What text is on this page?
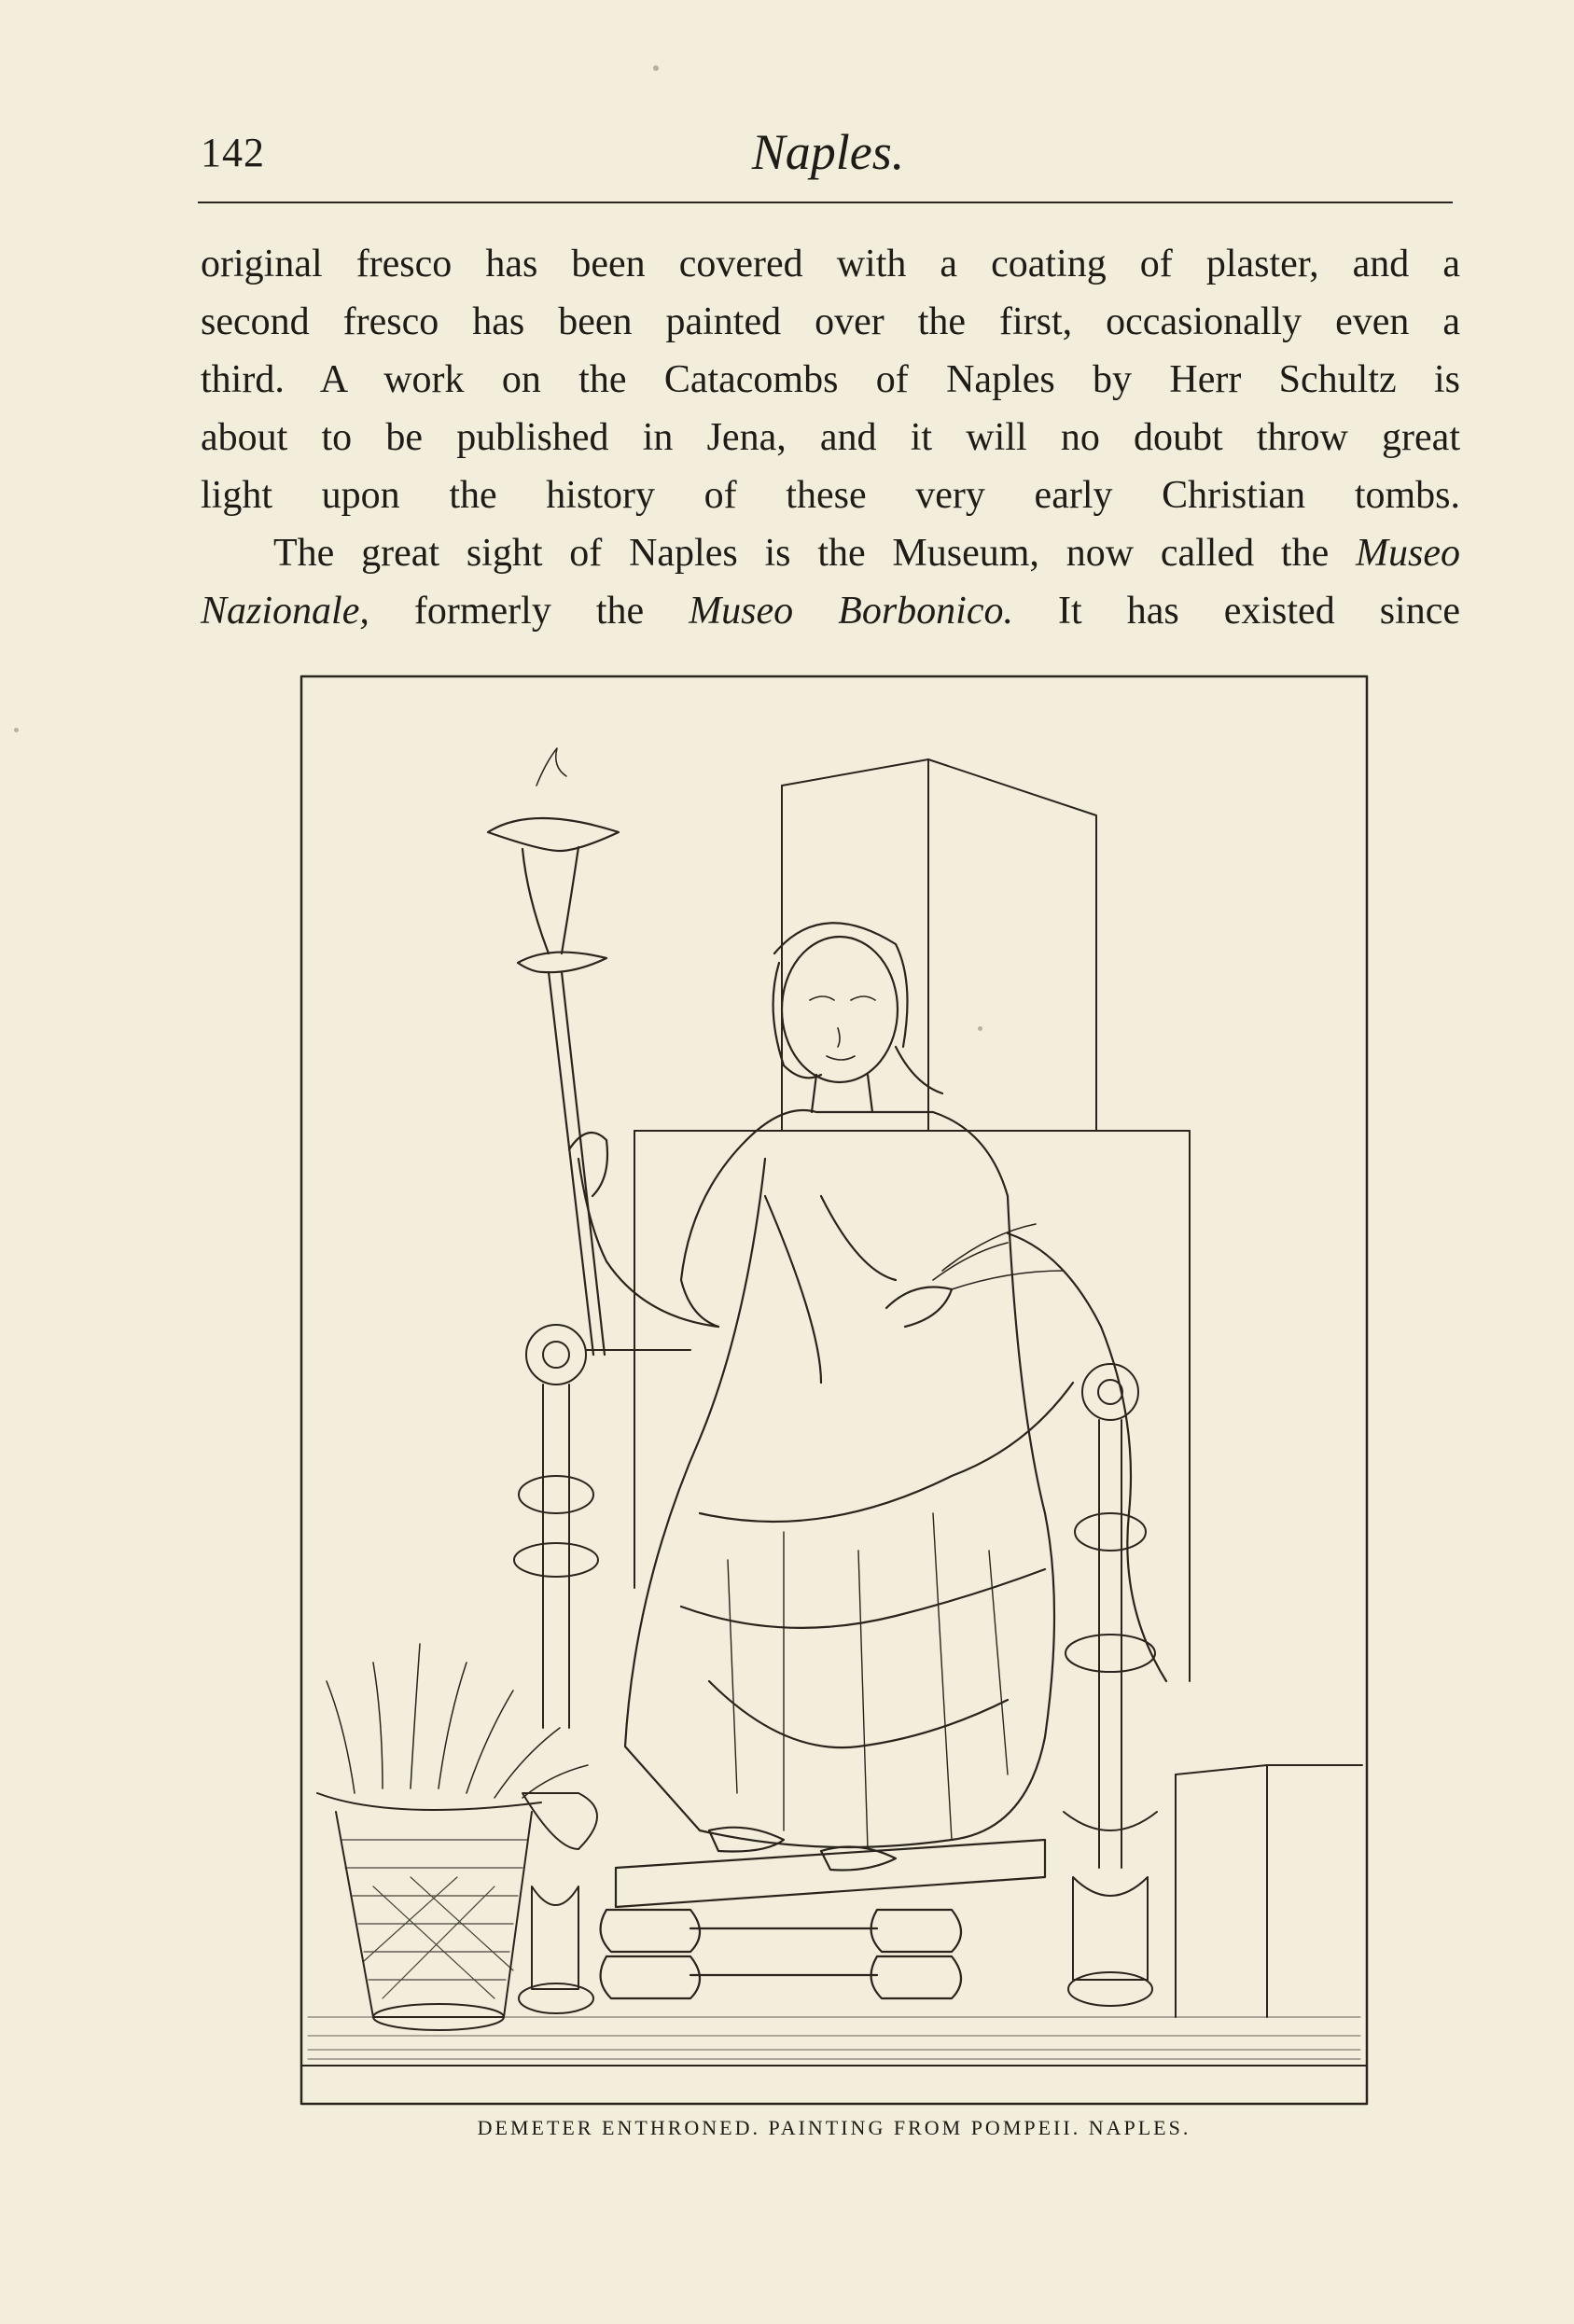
142	Naples.

original fresco has been covered with a coating of plaster, and a
second fresco has been painted over the first, occasionally even a
third. A work on the Catacombs of Naples by Herr Schultz is
about to be published in Jena, and it will no doubt throw great
light upon the history of these very early Christian tombs.

The great sight of Naples is the Museum, now called the Museo
Nazionale, formerly the Museo Borbonico. It has existed since

DEMETER ENTHRONED. PAINTING FROM POMPEII. NAPLES.
